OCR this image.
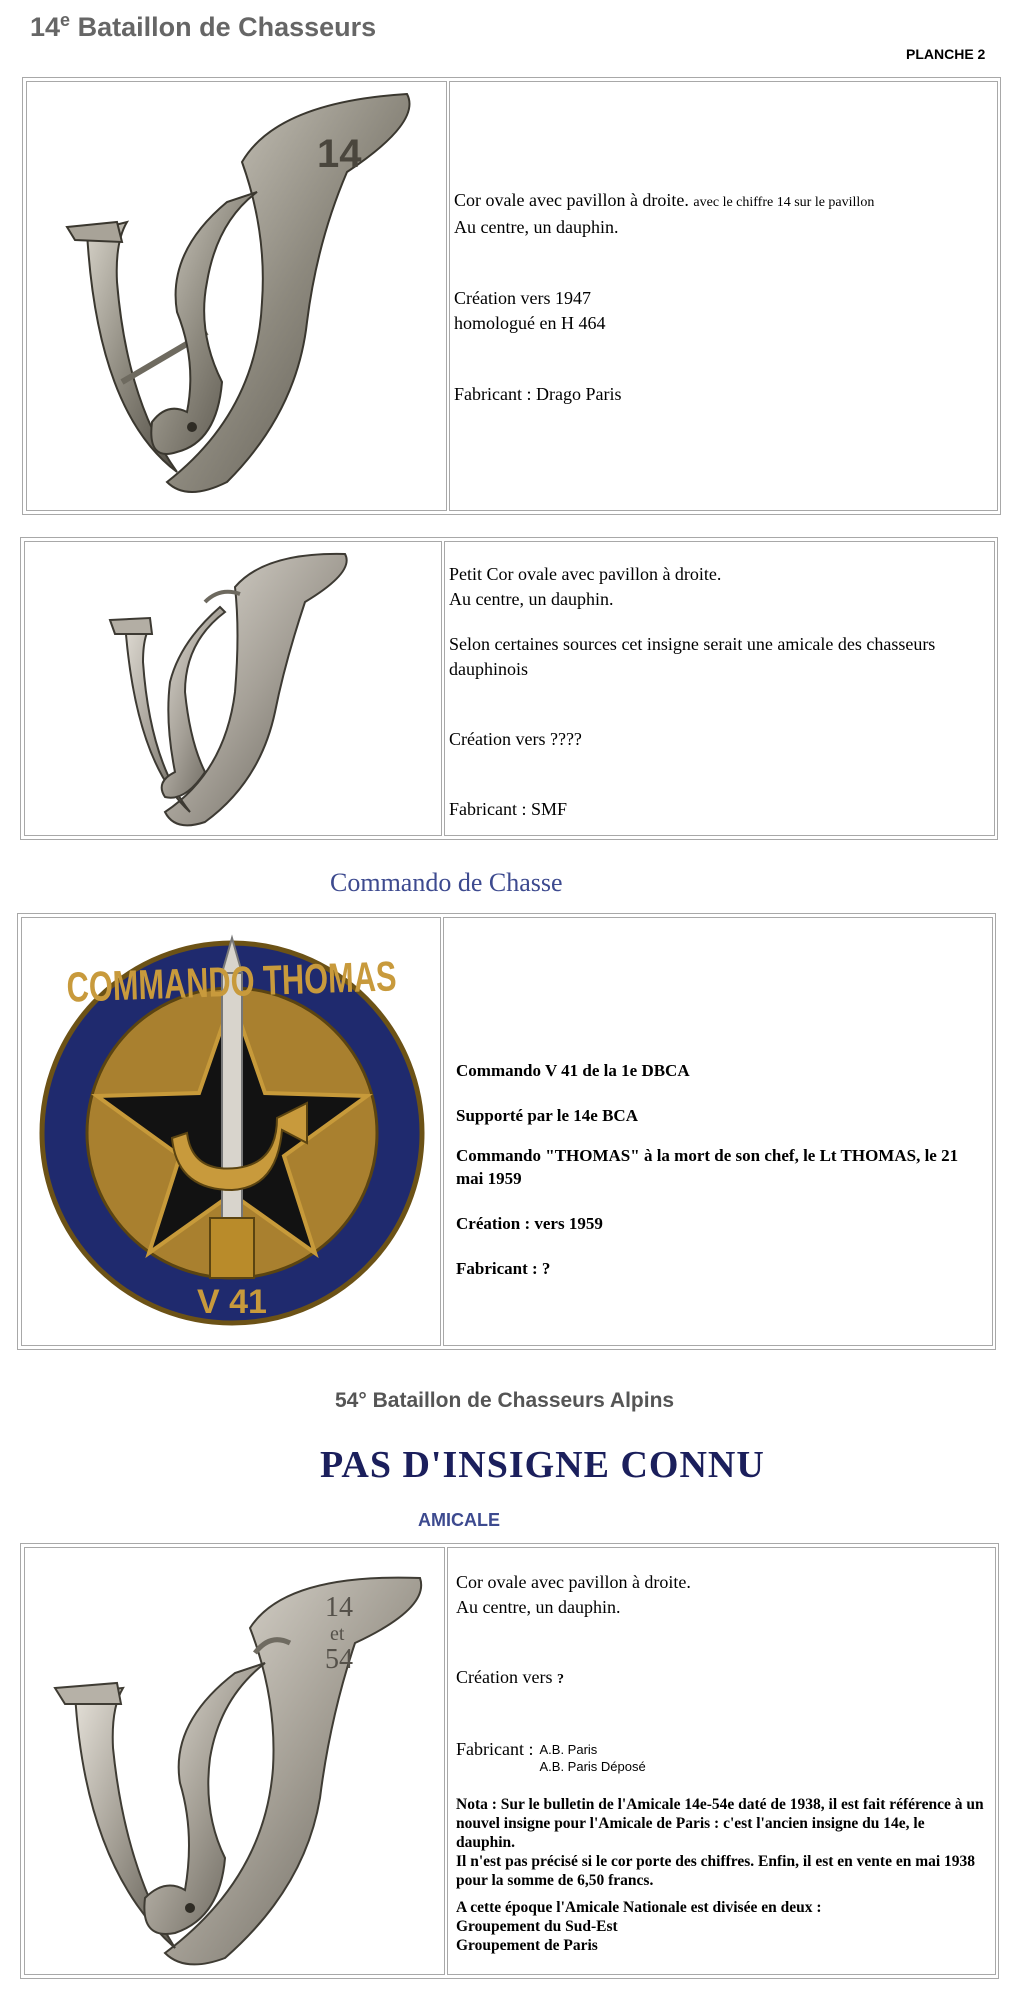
14e Bataillon de Chasseurs
PLANCHE 2
14

Cor ovale avec pavillon à droite. avec le chiffre 14 sur le pavillon

Au centre, un dauphin.

Création vers 1947

homologué en H 464

Fabricant : Drago Paris

Petit Cor ovale avec pavillon à droite.

Au centre, un dauphin.

Selon certaines sources cet insigne serait une amicale des chasseurs dauphinois

Création vers ????

Fabricant : SMF

Commando de Chasse
COMMANDO THOMAS
V 41

Commando V 41 de la 1e DBCA

Supporté par le 14e BCA

Commando "THOMAS" à la mort de son chef, le Lt THOMAS, le 21 mai 1959

Création : vers 1959

Fabricant : ?

54° Bataillon de Chasseurs Alpins
PAS D'INSIGNE CONNU
AMICALE
14
et
54

Cor ovale avec pavillon à droite.

Au centre, un dauphin.

Création vers ?

Fabricant : A.B. Paris
A.B. Paris Déposé

Nota : Sur le bulletin de l'Amicale 14e-54e daté de 1938, il est fait référence à un nouvel insigne pour l'Amicale de Paris : c'est l'ancien insigne du 14e, le dauphin.

Il n'est pas précisé si le cor porte des chiffres. Enfin, il est en vente en mai 1938 pour la somme de 6,50 francs.

A cette époque l'Amicale Nationale est divisée en deux :

Groupement du Sud-Est

Groupement de Paris
